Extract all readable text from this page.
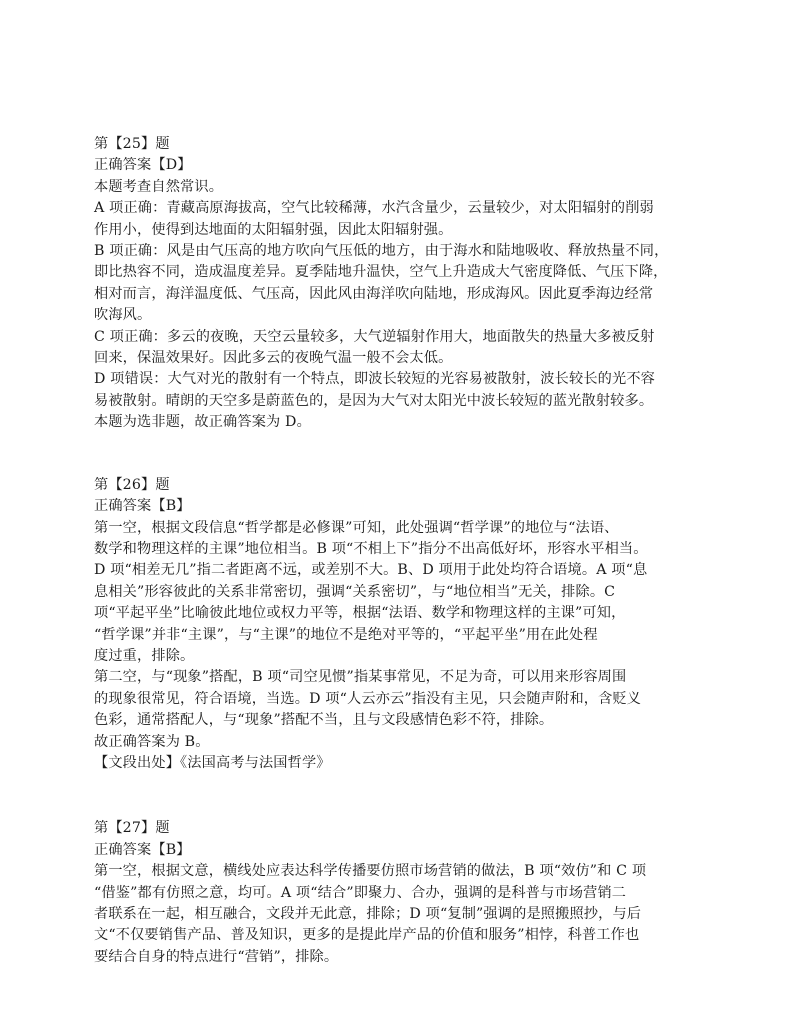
第【25】题

正确答案【D】

本题考查自然常识。

A 项正确：青藏高原海拔高，空气比较稀薄，水汽含量少，云量较少，对太阳辐射的削弱

作用小，使得到达地面的太阳辐射强，因此太阳辐射强。

B 项正确：风是由气压高的地方吹向气压低的地方，由于海水和陆地吸收、释放热量不同，

即比热容不同，造成温度差异。夏季陆地升温快，空气上升造成大气密度降低、气压下降，

相对而言，海洋温度低、气压高，因此风由海洋吹向陆地，形成海风。因此夏季海边经常

吹海风。

C 项正确：多云的夜晚，天空云量较多，大气逆辐射作用大，地面散失的热量大多被反射

回来，保温效果好。因此多云的夜晚气温一般不会太低。

D 项错误：大气对光的散射有一个特点，即波长较短的光容易被散射，波长较长的光不容

易被散射。晴朗的天空多是蔚蓝色的，是因为大气对太阳光中波长较短的蓝光散射较多。

本题为选非题，故正确答案为 D。

第【26】题

正确答案【B】

第一空，根据文段信息“哲学都是必修课”可知，此处强调“哲学课”的地位与“法语、

数学和物理这样的主课”地位相当。B 项“不相上下”指分不出高低好坏，形容水平相当。

D 项“相差无几”指二者距离不远，或差别不大。B、D 项用于此处均符合语境。A 项“息

息相关”形容彼此的关系非常密切，强调“关系密切”，与“地位相当”无关，排除。C

项“平起平坐”比喻彼此地位或权力平等，根据“法语、数学和物理这样的主课”可知，

“哲学课”并非“主课”，与“主课”的地位不是绝对平等的，“平起平坐”用在此处程

度过重，排除。

第二空，与“现象”搭配，B 项“司空见惯”指某事常见，不足为奇，可以用来形容周围

的现象很常见，符合语境，当选。D 项“人云亦云”指没有主见，只会随声附和，含贬义

色彩，通常搭配人，与“现象”搭配不当，且与文段感情色彩不符，排除。

故正确答案为 B。

【文段出处】《法国高考与法国哲学》

第【27】题

正确答案【B】

第一空，根据文意，横线处应表达科学传播要仿照市场营销的做法，B 项“效仿”和 C 项

“借鉴”都有仿照之意，均可。A 项“结合”即聚力、合办，强调的是科普与市场营销二

者联系在一起，相互融合，文段并无此意，排除；D 项“复制”强调的是照搬照抄，与后

文“不仅要销售产品、普及知识，更多的是提此岸产品的价值和服务”相悖，科普工作也

要结合自身的特点进行“营销”，排除。
